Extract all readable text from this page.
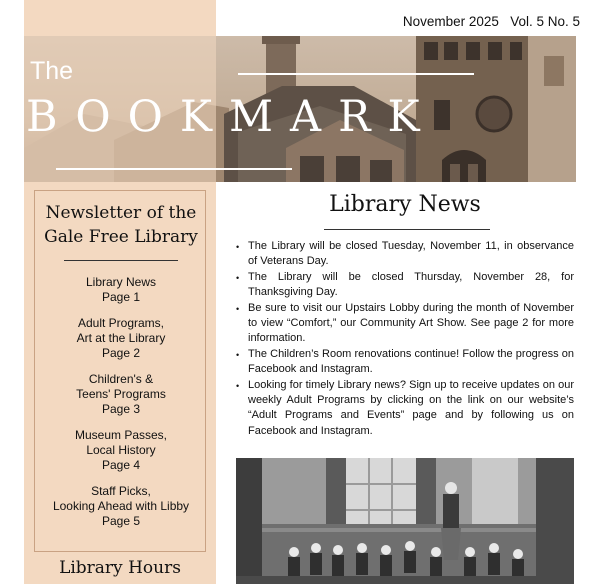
November 2025 Vol. 5 No. 5
The
BOOKMARK
Newsletter of the
Gale Free Library
Library News
Page 1
Adult Programs,
Art at the Library
Page 2
Children's &
Teens' Programs
Page 3
Museum Passes,
Local History
Page 4
Staff Picks,
Looking Ahead with Libby
Page 5
Library Hours
Library News
• The Library will be closed Tuesday, November 11, in observance of Veterans Day.
• The Library will be closed Thursday, November 28, for Thanksgiving Day.
• Be sure to visit our Upstairs Lobby during the month of November to view “Comfort,” our Community Art Show. See page 2 for more information.
• The Children’s Room renovations continue! Follow the progress on Facebook and Instagram.
• Looking for timely Library news? Sign up to receive updates on our weekly Adult Programs by clicking on the link on our website’s “Adult Programs and Events” page and by following us on Facebook and Instagram.
